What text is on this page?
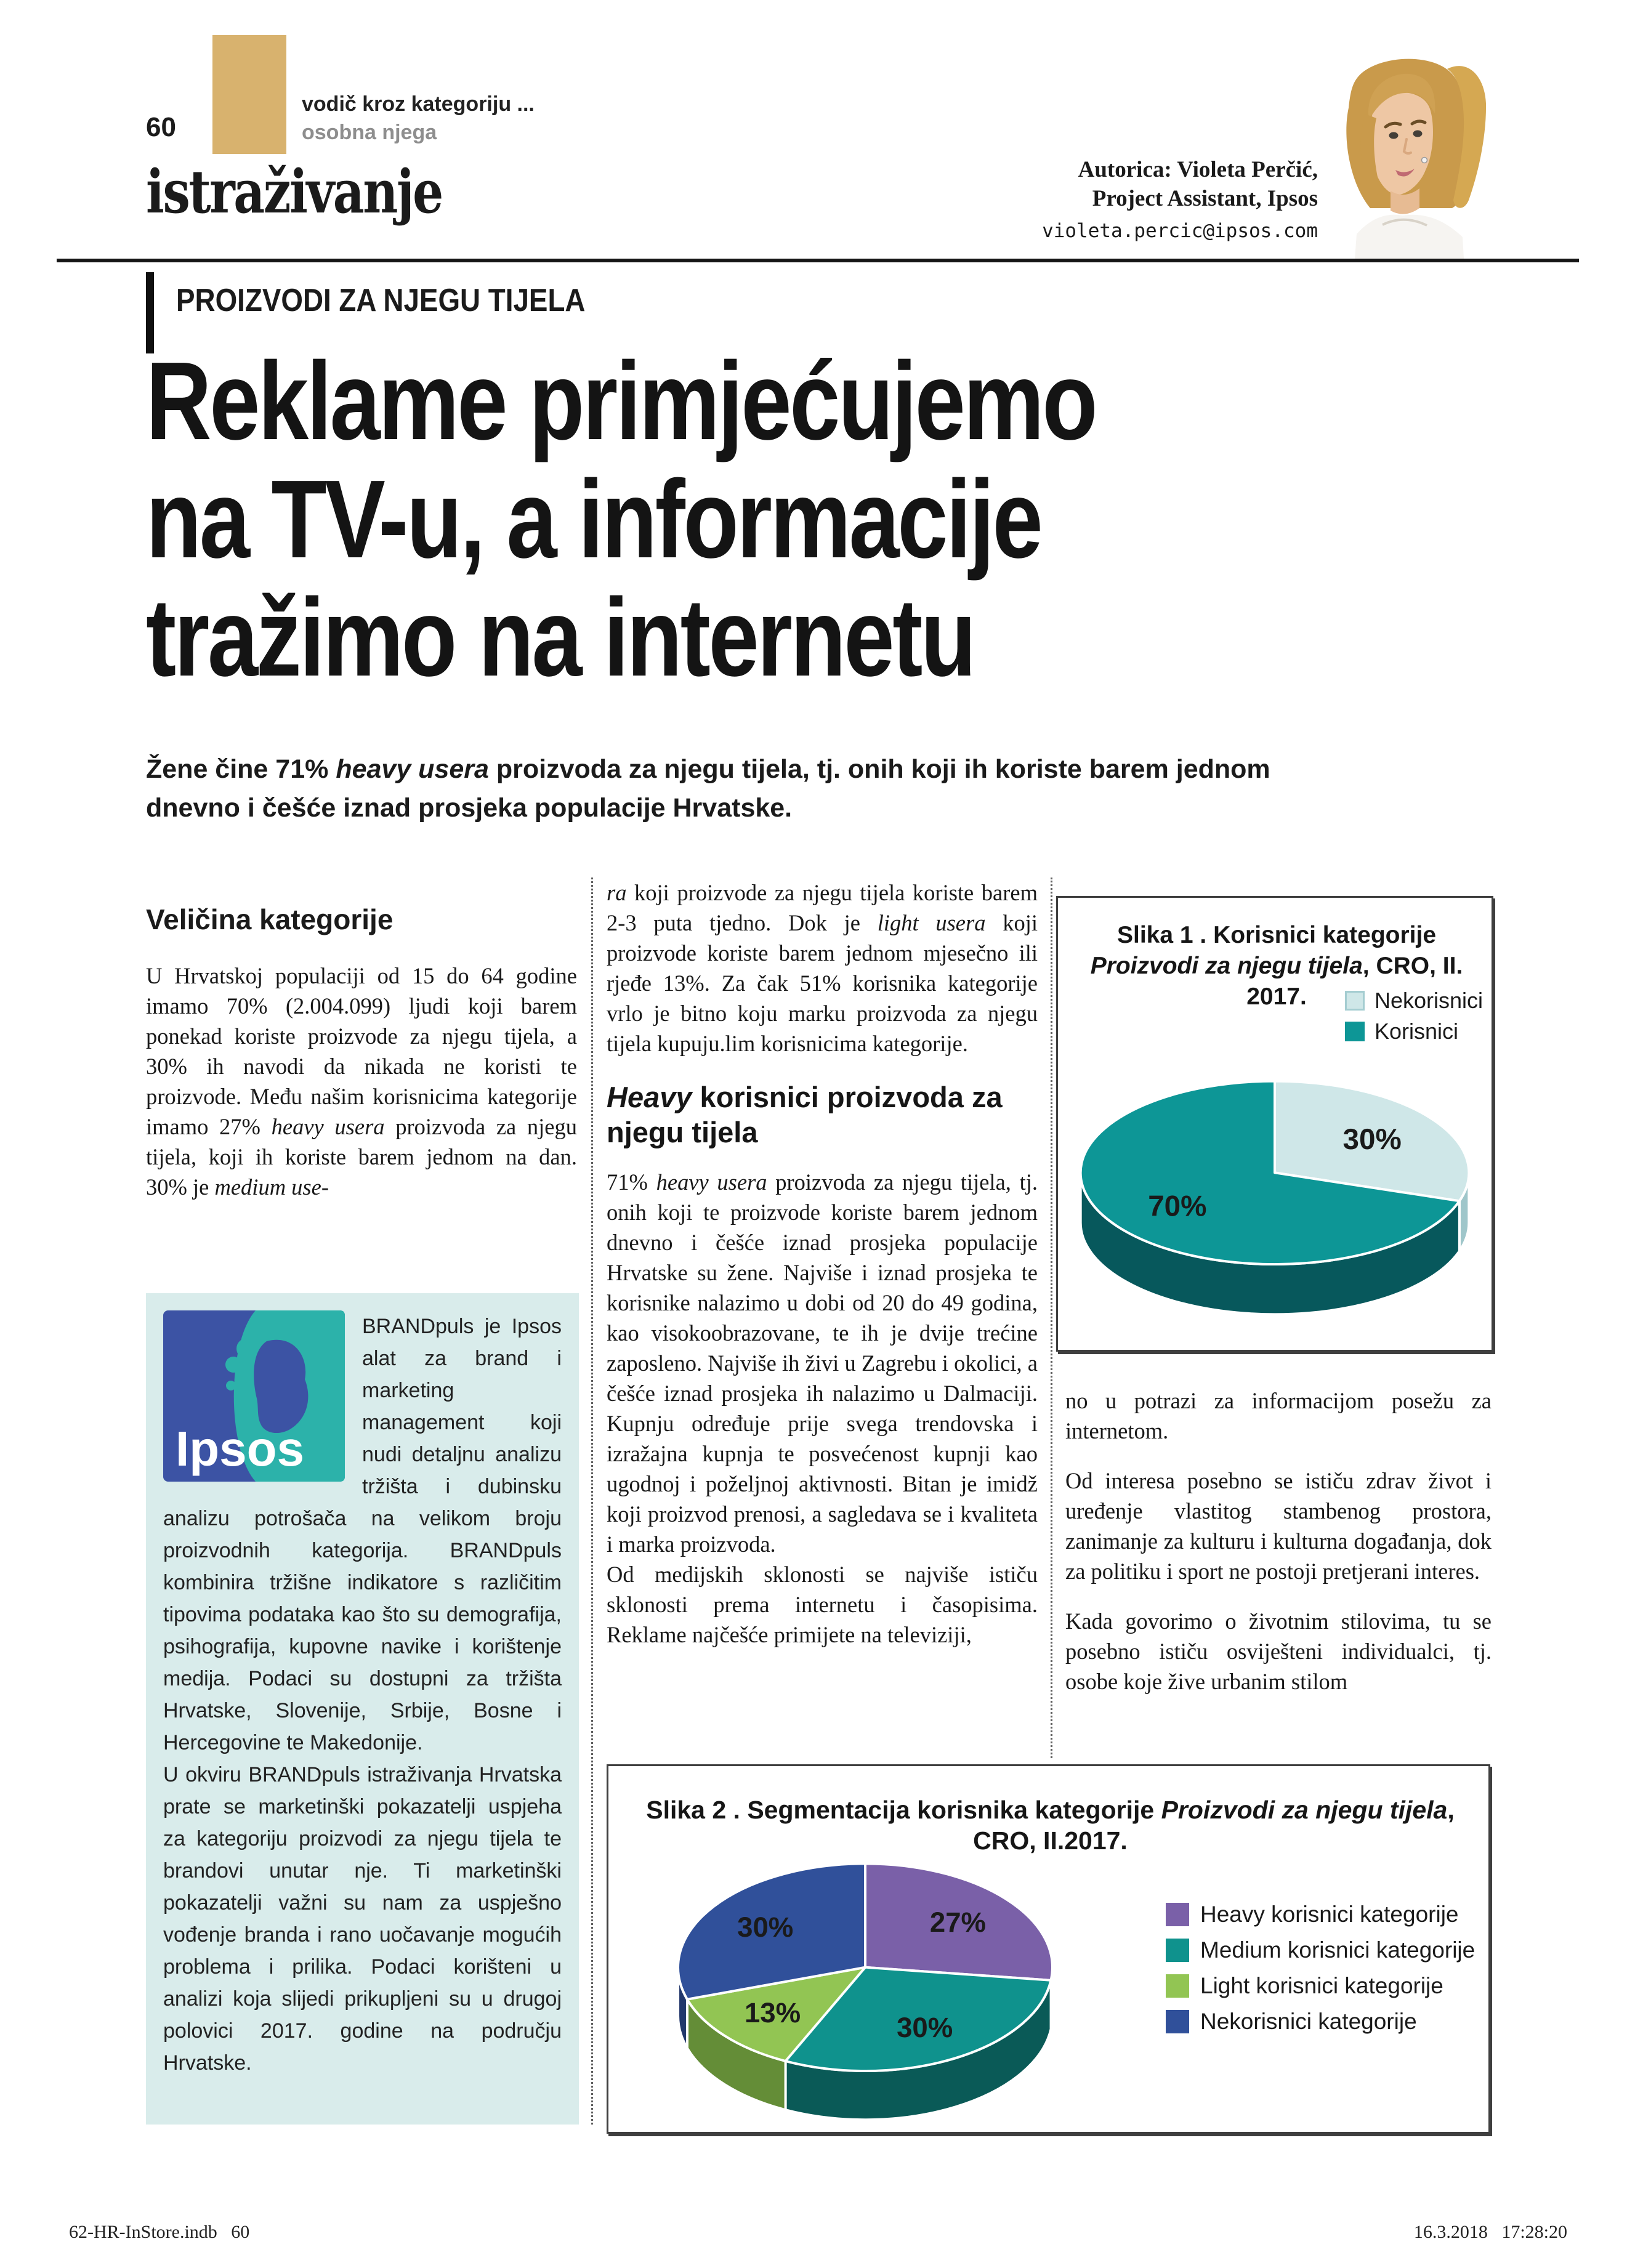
60
vodič kroz kategoriju ...
osobna njega
istraživanje	Autorica: Violeta Perčić,
Project Assistant, Ipsos
violeta.percic@ipsos.com
PROIZVODI ZA NJEGU TIJELA
Reklame primjećujemo
na TV-u, a informacije
tražimo na internetu
Žene čine 71% heavy usera proizvoda za njegu tijela, tj. onih koji ih koriste barem jednom
dnevno i češće iznad prosjeka populacije Hrvatske.
Veličina kategorije
U Hrvatskoj populaciji od 15 do 64 godine imamo 70% (2.004.099) ljudi koji barem ponekad koriste proizvode za njegu tijela, a 30% ih navodi da nikada ne koristi te proizvode. Među našim korisnicima kategorije imamo 27% heavy usera proizvoda za njegu tijela, koji ih koriste barem jednom na dan. 30% je medium use-
Ipsos
BRANDpuls je Ipsos alat za brand i marketing management koji nudi detaljnu analizu tržišta i dubinsku analizu potrošača na velikom broju proizvodnih kategorija. BRANDpuls kombinira tržišne indikatore s različitim tipovima podataka kao što su demografija, psihografija, kupovne navike i korištenje medija. Podaci su dostupni za tržišta Hrvatske, Slovenije, Srbije, Bosne i Hercegovine te Makedonije.
U okviru BRANDpuls istraživanja Hrvatska prate se marketinški pokazatelji uspjeha za kategoriju proizvodi za njegu tijela te brandovi unutar nje. Ti marketinški pokazatelji važni su nam za uspješno vođenje branda i rano uočavanje mogućih problema i prilika. Podaci korišteni u analizi koja slijedi prikupljeni su u drugoj polovici 2017. godine na području Hrvatske.

ra koji proizvode za njegu tijela koriste barem 2-3 puta tjedno. Dok je light usera koji proizvode koriste barem jednom mjesečno ili rjeđe 13%. Za čak 51% korisnika kategorije vrlo je bitno koju marku proizvoda za njegu tijela kupuju.lim korisnicima kategorije.

Heavy korisnici proizvoda za njegu tijela

71% heavy usera proizvoda za njegu tijela, tj. onih koji te proizvode koriste barem jednom dnevno i češće iznad prosjeka populacije Hrvatske su žene. Najviše i iznad prosjeka te korisnike nalazimo u dobi od 20 do 49 godina, kao visokoobrazovane, te ih je dvije trećine zaposleno. Najviše ih živi u Zagrebu i okolici, a češće iznad prosjeka ih nalazimo u Dalmaciji. Kupnju određuje prije svega trendovska i izražajna kupnja te posvećenost kupnji kao ugodnoj i poželjnoj aktivnosti. Bitan je imidž koji proizvod prenosi, a sagledava se i kvaliteta i marka proizvoda.

Od medijskih sklonosti se najviše ističu sklonosti prema internetu i časopisima. Reklame najčešće primijete na televiziji,

no u potrazi za informacijom posežu za internetom.

Od interesa posebno se ističu zdrav život i uređenje vlastitog stambenog prostora, zanimanje za kulturu i kulturna događanja, dok za politiku i sport ne postoji pretjerani interes.

Kada govorimo o životnim stilovima, tu se posebno ističu osviješteni individualci, tj. osobe koje žive urbanim stilom

30%
70%
Slika 1 . Korisnici kategorije Proizvodi za njegu tijela, CRO, II. 2017.	Nekorisnici
Korisnici
27%
30%
13%
30%
Slika 2 . Segmentacija korisnika kategorije Proizvodi za njegu tijela, CRO, II.2017.
Heavy korisnici kategorije
Medium korisnici kategorije
Light korisnici kategorije
Nekorisnici kategorije
62-HR-InStore.indb   60	16.3.2018   17:28:20
